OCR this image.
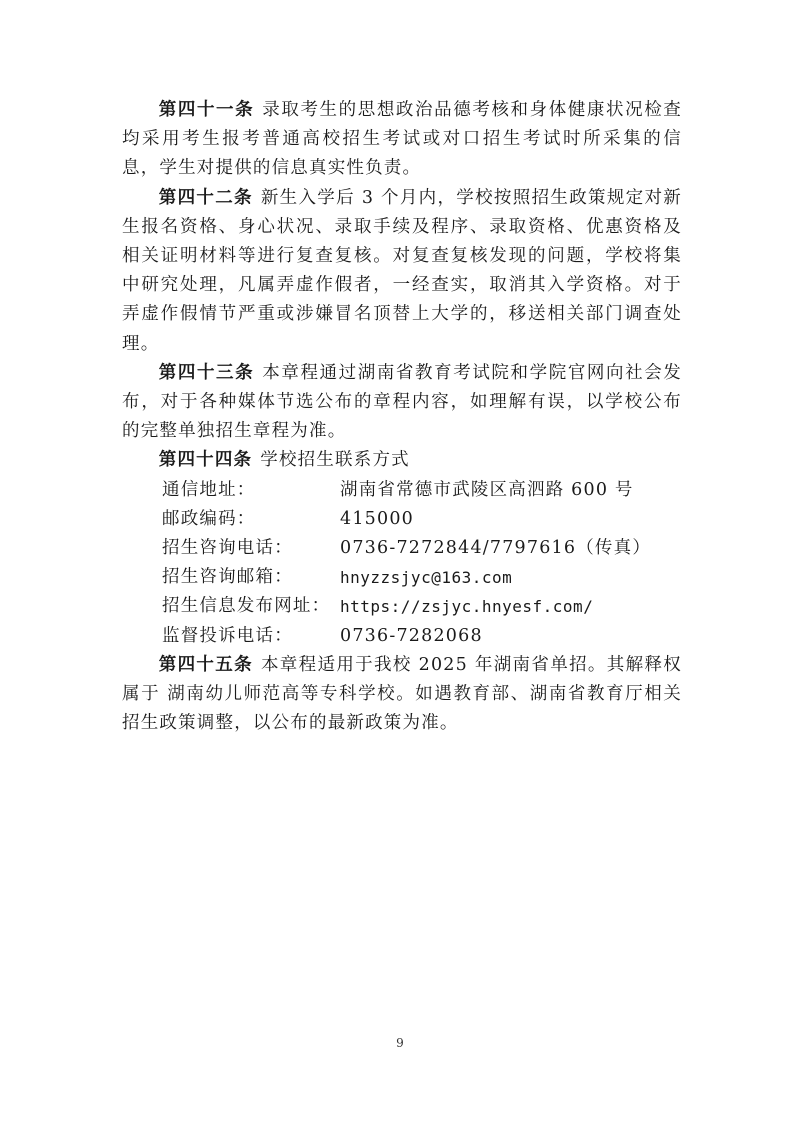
第四十一条 录取考生的思想政治品德考核和身体健康状况检查均采用考生报考普通高校招生考试或对口招生考试时所采集的信息，学生对提供的信息真实性负责。

第四十二条 新生入学后 3 个月内，学校按照招生政策规定对新生报名资格、身心状况、录取手续及程序、录取资格、优惠资格及相关证明材料等进行复查复核。对复查复核发现的问题，学校将集中研究处理，凡属弄虚作假者，一经查实，取消其入学资格。对于弄虚作假情节严重或涉嫌冒名顶替上大学的，移送相关部门调查处理。

第四十三条 本章程通过湖南省教育考试院和学院官网向社会发布，对于各种媒体节选公布的章程内容，如理解有误，以学校公布的完整单独招生章程为准。

第四十四条 学校招生联系方式

通信地址：	湖南省常德市武陵区高泗路 600 号
邮政编码：	415000
招生咨询电话：	0736-7272844/7797616（传真）
招生咨询邮箱：	hnyzzsjyc@163.com
招生信息发布网址： https://zsjyc.hnyesf.com/
监督投诉电话：	0736-7282068

第四十五条 本章程适用于我校 2025 年湖南省单招。其解释权属于 湖南幼儿师范高等专科学校。如遇教育部、湖南省教育厅相关招生政策调整，以公布的最新政策为准。

9
